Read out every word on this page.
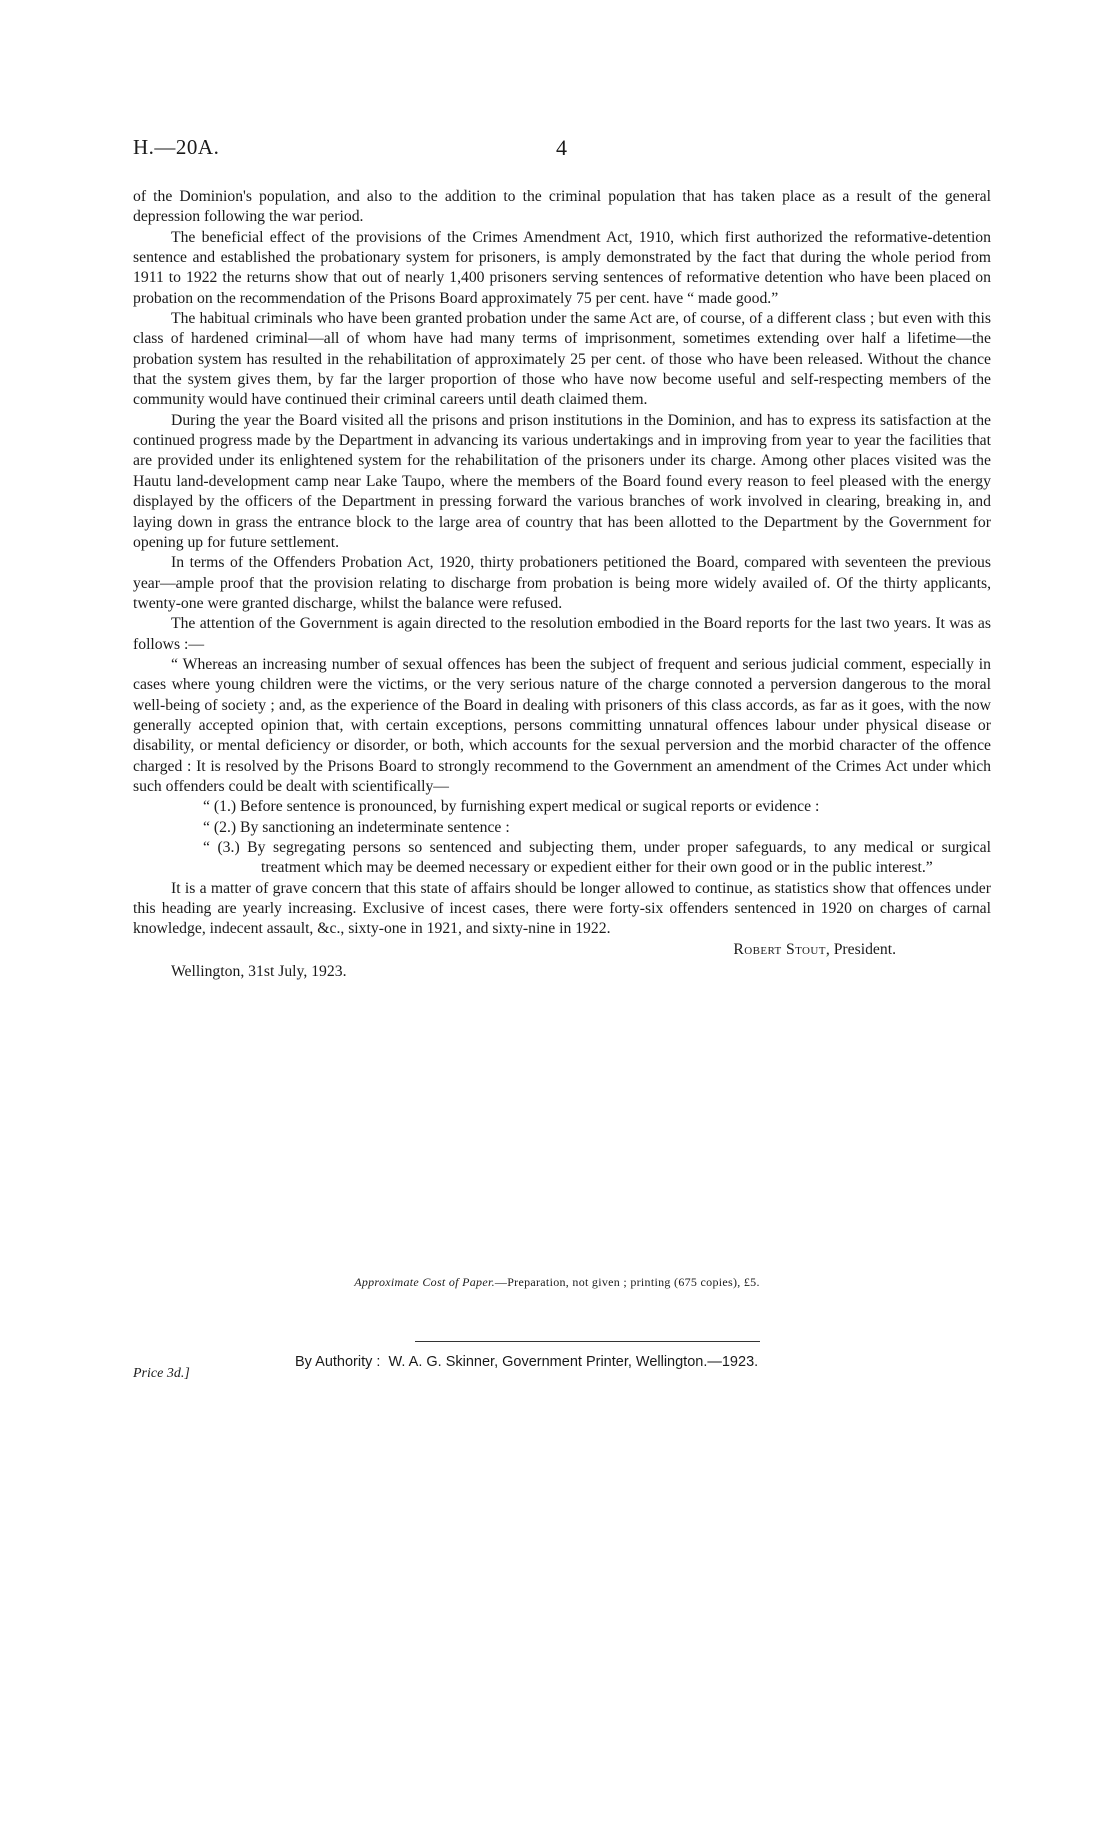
H.—20A.	4

of the Dominion's population, and also to the addition to the criminal population that has taken place as a result of the general depression following the war period.

The beneficial effect of the provisions of the Crimes Amendment Act, 1910, which first authorized the reformative-detention sentence and established the probationary system for prisoners, is amply demonstrated by the fact that during the whole period from 1911 to 1922 the returns show that out of nearly 1,400 prisoners serving sentences of reformative detention who have been placed on probation on the recommendation of the Prisons Board approximately 75 per cent. have “ made good.”

The habitual criminals who have been granted probation under the same Act are, of course, of a different class ; but even with this class of hardened criminal—all of whom have had many terms of imprisonment, sometimes extending over half a lifetime—the probation system has resulted in the rehabilitation of approximately 25 per cent. of those who have been released. Without the chance that the system gives them, by far the larger proportion of those who have now become useful and self-respecting members of the community would have continued their criminal careers until death claimed them.

During the year the Board visited all the prisons and prison institutions in the Dominion, and has to express its satisfaction at the continued progress made by the Department in advancing its various undertakings and in improving from year to year the facilities that are provided under its enlightened system for the rehabilitation of the prisoners under its charge. Among other places visited was the Hautu land-development camp near Lake Taupo, where the members of the Board found every reason to feel pleased with the energy displayed by the officers of the Department in pressing forward the various branches of work involved in clearing, breaking in, and laying down in grass the entrance block to the large area of country that has been allotted to the Department by the Government for opening up for future settlement.

In terms of the Offenders Probation Act, 1920, thirty probationers petitioned the Board, compared with seventeen the previous year—ample proof that the provision relating to discharge from probation is being more widely availed of. Of the thirty applicants, twenty-one were granted discharge, whilst the balance were refused.

The attention of the Government is again directed to the resolution embodied in the Board reports for the last two years. It was as follows :—

“ Whereas an increasing number of sexual offences has been the subject of frequent and serious judicial comment, especially in cases where young children were the victims, or the very serious nature of the charge connoted a perversion dangerous to the moral well-being of society ; and, as the experience of the Board in dealing with prisoners of this class accords, as far as it goes, with the now generally accepted opinion that, with certain exceptions, persons committing unnatural offences labour under physical disease or disability, or mental deficiency or disorder, or both, which accounts for the sexual perversion and the morbid character of the offence charged : It is resolved by the Prisons Board to strongly recommend to the Government an amendment of the Crimes Act under which such offenders could be dealt with scientifically—

“ (1.) Before sentence is pronounced, by furnishing expert medical or sugical reports or evidence :
“ (2.) By sanctioning an indeterminate sentence :
“ (3.) By segregating persons so sentenced and subjecting them, under proper safeguards, to any medical or surgical treatment which may be deemed necessary or expedient either for their own good or in the public interest.”

It is a matter of grave concern that this state of affairs should be longer allowed to continue, as statistics show that offences under this heading are yearly increasing. Exclusive of incest cases, there were forty-six offenders sentenced in 1920 on charges of carnal knowledge, indecent assault, &c., sixty-one in 1921, and sixty-nine in 1922.

Robert Stout, President.
Wellington, 31st July, 1923.
Approximate Cost of Paper.—Preparation, not given ; printing (675 copies), £5.
Price 3d.]
By Authority : W. A. G. Skinner, Government Printer, Wellington.—1923.
